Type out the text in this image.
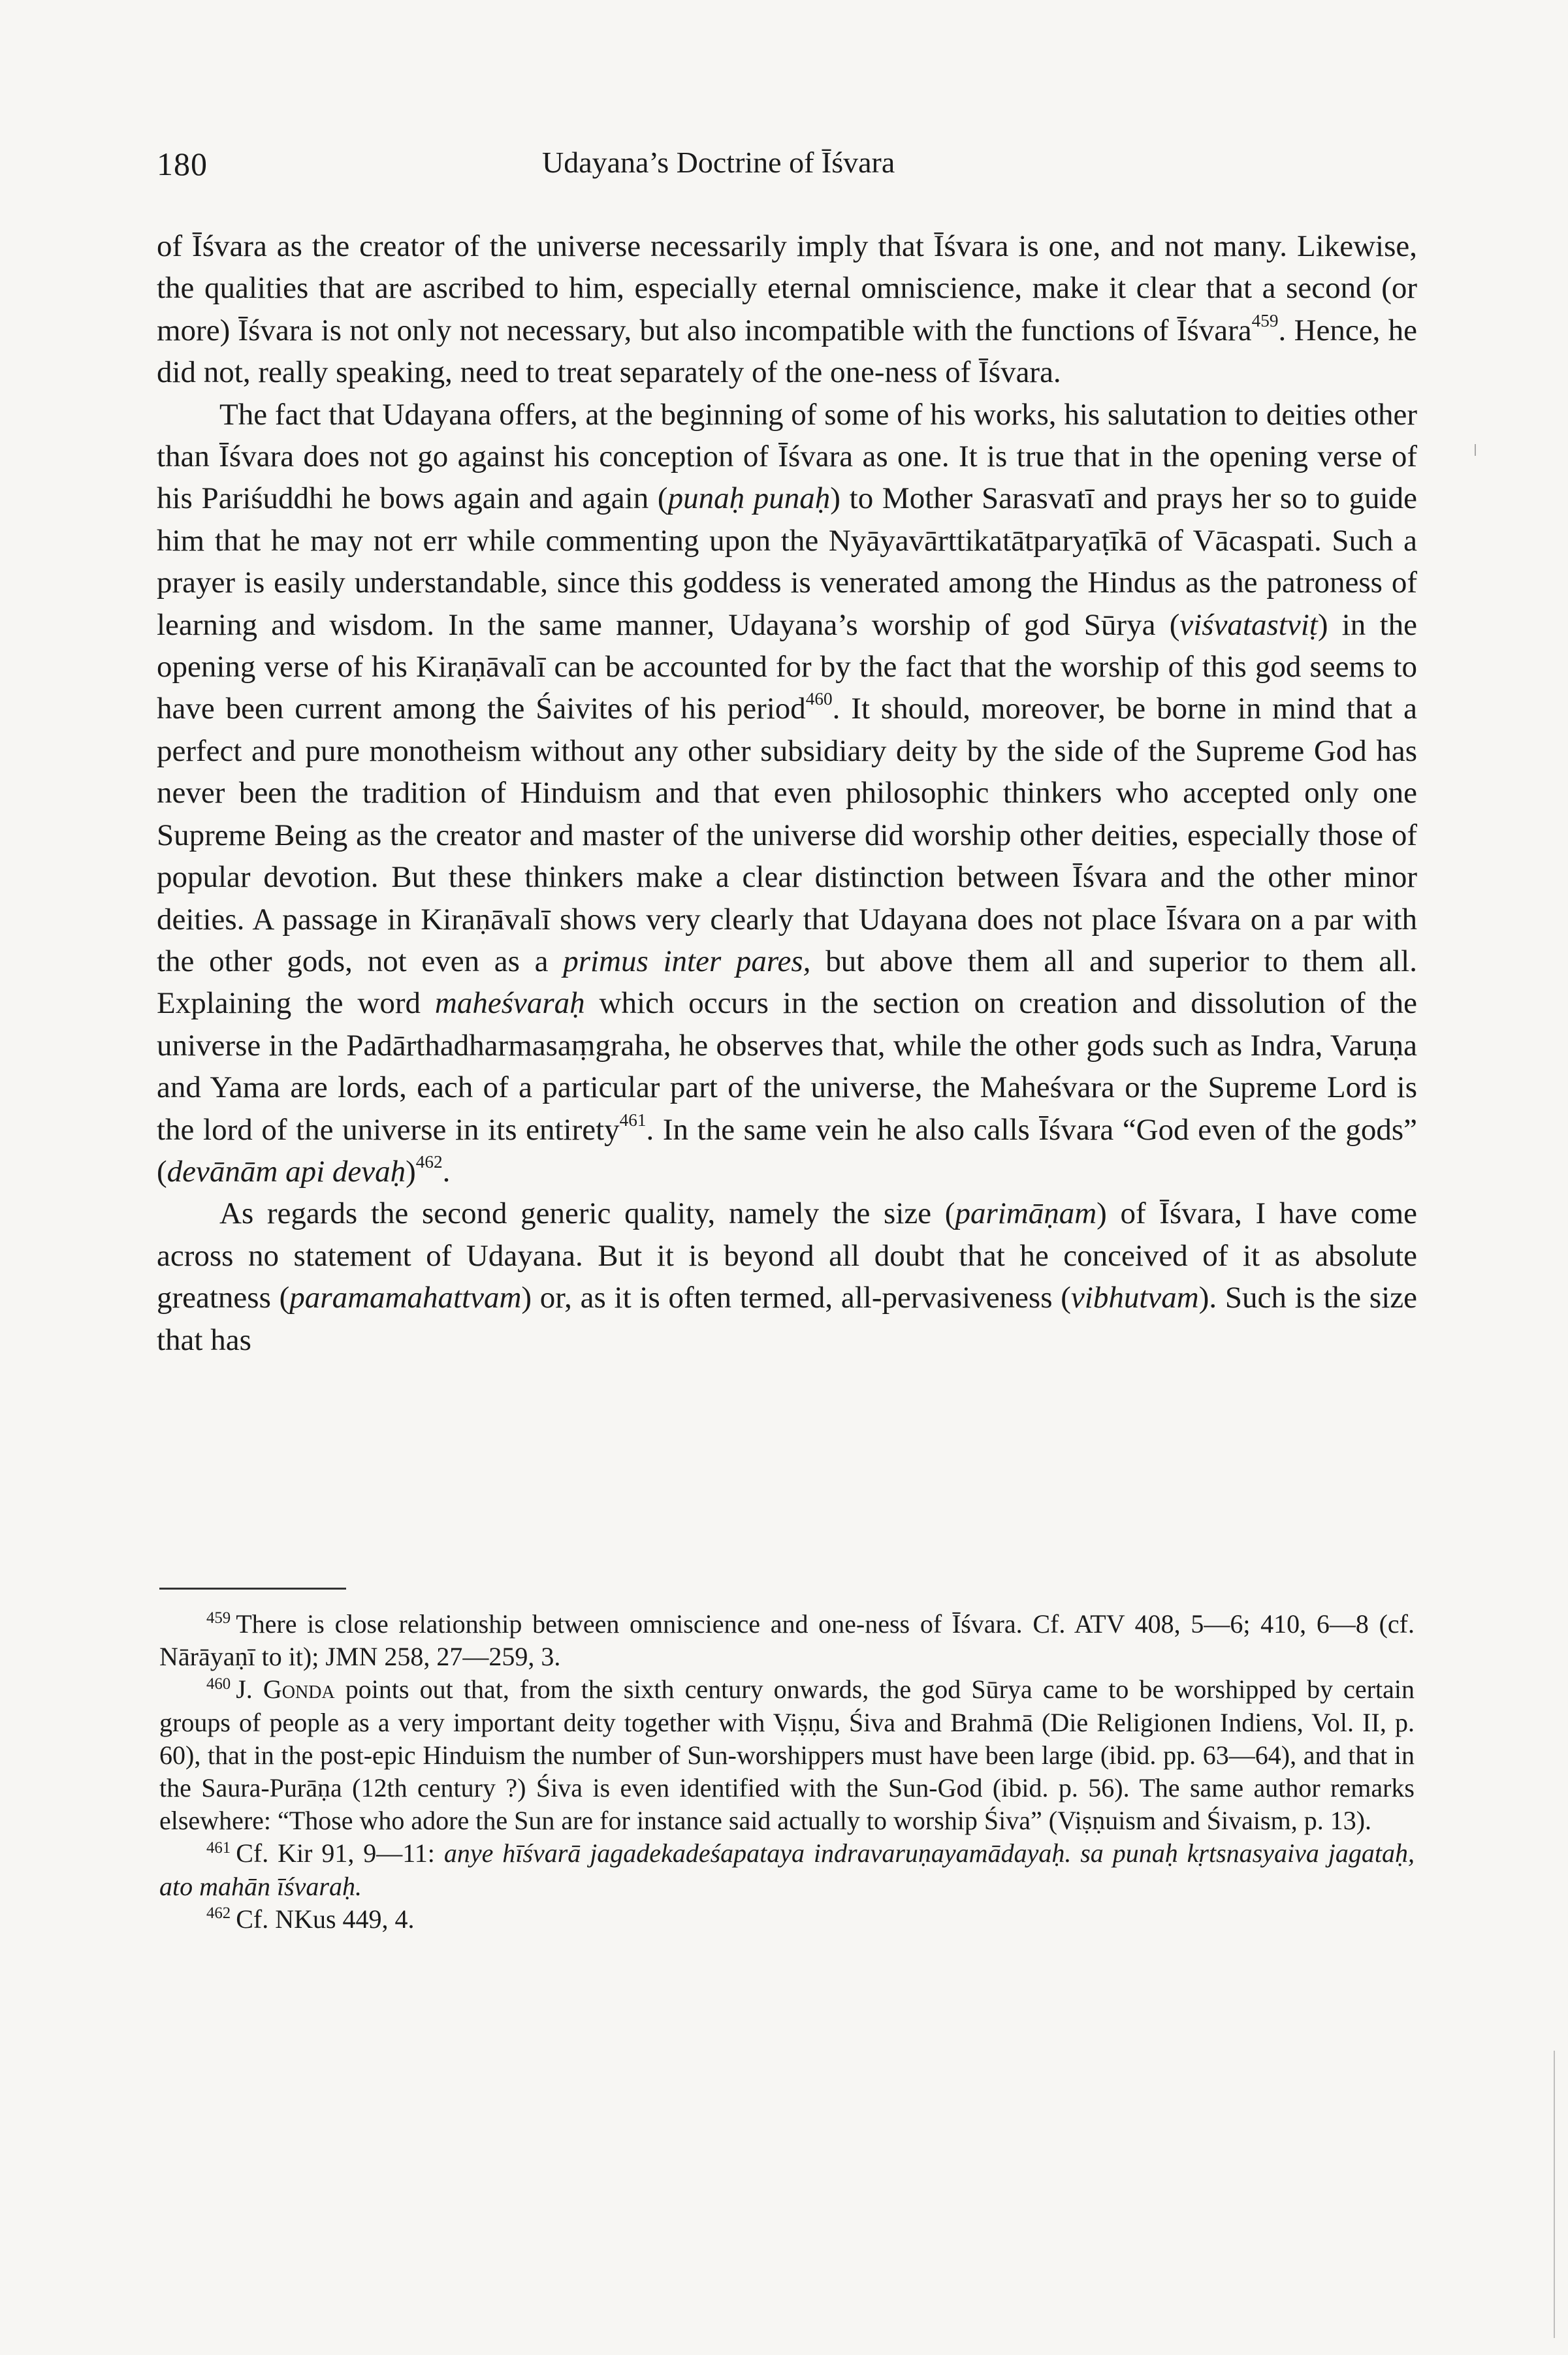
180	Udayana’s Doctrine of Īśvara

of Īśvara as the creator of the universe necessarily imply that Īśvara is one, and not many. Likewise, the qualities that are ascribed to him, especially eternal omniscience, make it clear that a second (or more) Īśvara is not only not necessary, but also incompatible with the functions of Īśvara$^{459}$. Hence, he did not, really speaking, need to treat separately of the one-ness of Īśvara.

The fact that Udayana offers, at the beginning of some of his works, his salutation to deities other than Īśvara does not go against his conception of Īśvara as one. It is true that in the opening verse of his Pariśuddhi he bows again and again (punaḥ punaḥ) to Mother Sarasvatī and prays her so to guide him that he may not err while commenting upon the Nyāyavārttikatātparyaṭīkā of Vācaspati. Such a prayer is easily understandable, since this goddess is venerated among the Hindus as the patroness of learning and wisdom. In the same manner, Udayana’s worship of god Sūrya (viśvatastviṭ) in the opening verse of his Kiraṇāvalī can be accounted for by the fact that the worship of this god seems to have been current among the Śaivites of his period$^{460}$. It should, moreover, be borne in mind that a perfect and pure monotheism without any other subsidiary deity by the side of the Supreme God has never been the tradition of Hinduism and that even philosophic thinkers who accepted only one Supreme Being as the creator and master of the universe did worship other deities, especially those of popular devotion. But these thinkers make a clear distinction between Īśvara and the other minor deities. A passage in Kiraṇāvalī shows very clearly that Udayana does not place Īśvara on a par with the other gods, not even as a primus inter pares, but above them all and superior to them all. Explaining the word maheśvaraḥ which occurs in the section on creation and dissolution of the universe in the Padārthadharmasaṃgraha, he observes that, while the other gods such as Indra, Varuṇa and Yama are lords, each of a particular part of the universe, the Maheśvara or the Supreme Lord is the lord of the universe in its entirety$^{461}$. In the same vein he also calls Īśvara “God even of the gods” (devānām api devaḥ)$^{462}$.

As regards the second generic quality, namely the size (parimāṇam) of Īśvara, I have come across no statement of Udayana. But it is beyond all doubt that he conceived of it as absolute greatness (paramamahattvam) or, as it is often termed, all-pervasiveness (vibhutvam). Such is the size that has

$^{459}$ There is close relationship between omniscience and one-ness of Īśvara. Cf. ATV 408, 5—6; 410, 6—8 (cf. Nārāyaṇī to it); JMN 258, 27—259, 3.

$^{460}$ J. Gonda points out that, from the sixth century onwards, the god Sūrya came to be worshipped by certain groups of people as a very important deity together with Viṣṇu, Śiva and Brahmā (Die Religionen Indiens, Vol. II, p. 60), that in the post-epic Hinduism the number of Sun-worshippers must have been large (ibid. pp. 63—64), and that in the Saura-Purāṇa (12th century ?) Śiva is even identified with the Sun-God (ibid. p. 56). The same author remarks elsewhere: “Those who adore the Sun are for instance said actually to worship Śiva” (Viṣṇuism and Śivaism, p. 13).

$^{461}$ Cf. Kir 91, 9—11: anye hīśvarā jagadekadeśapataya indravaruṇayamādayaḥ. sa punaḥ kṛtsnasyaiva jagataḥ, ato mahān īśvaraḥ.

$^{462}$ Cf. NKus 449, 4.
